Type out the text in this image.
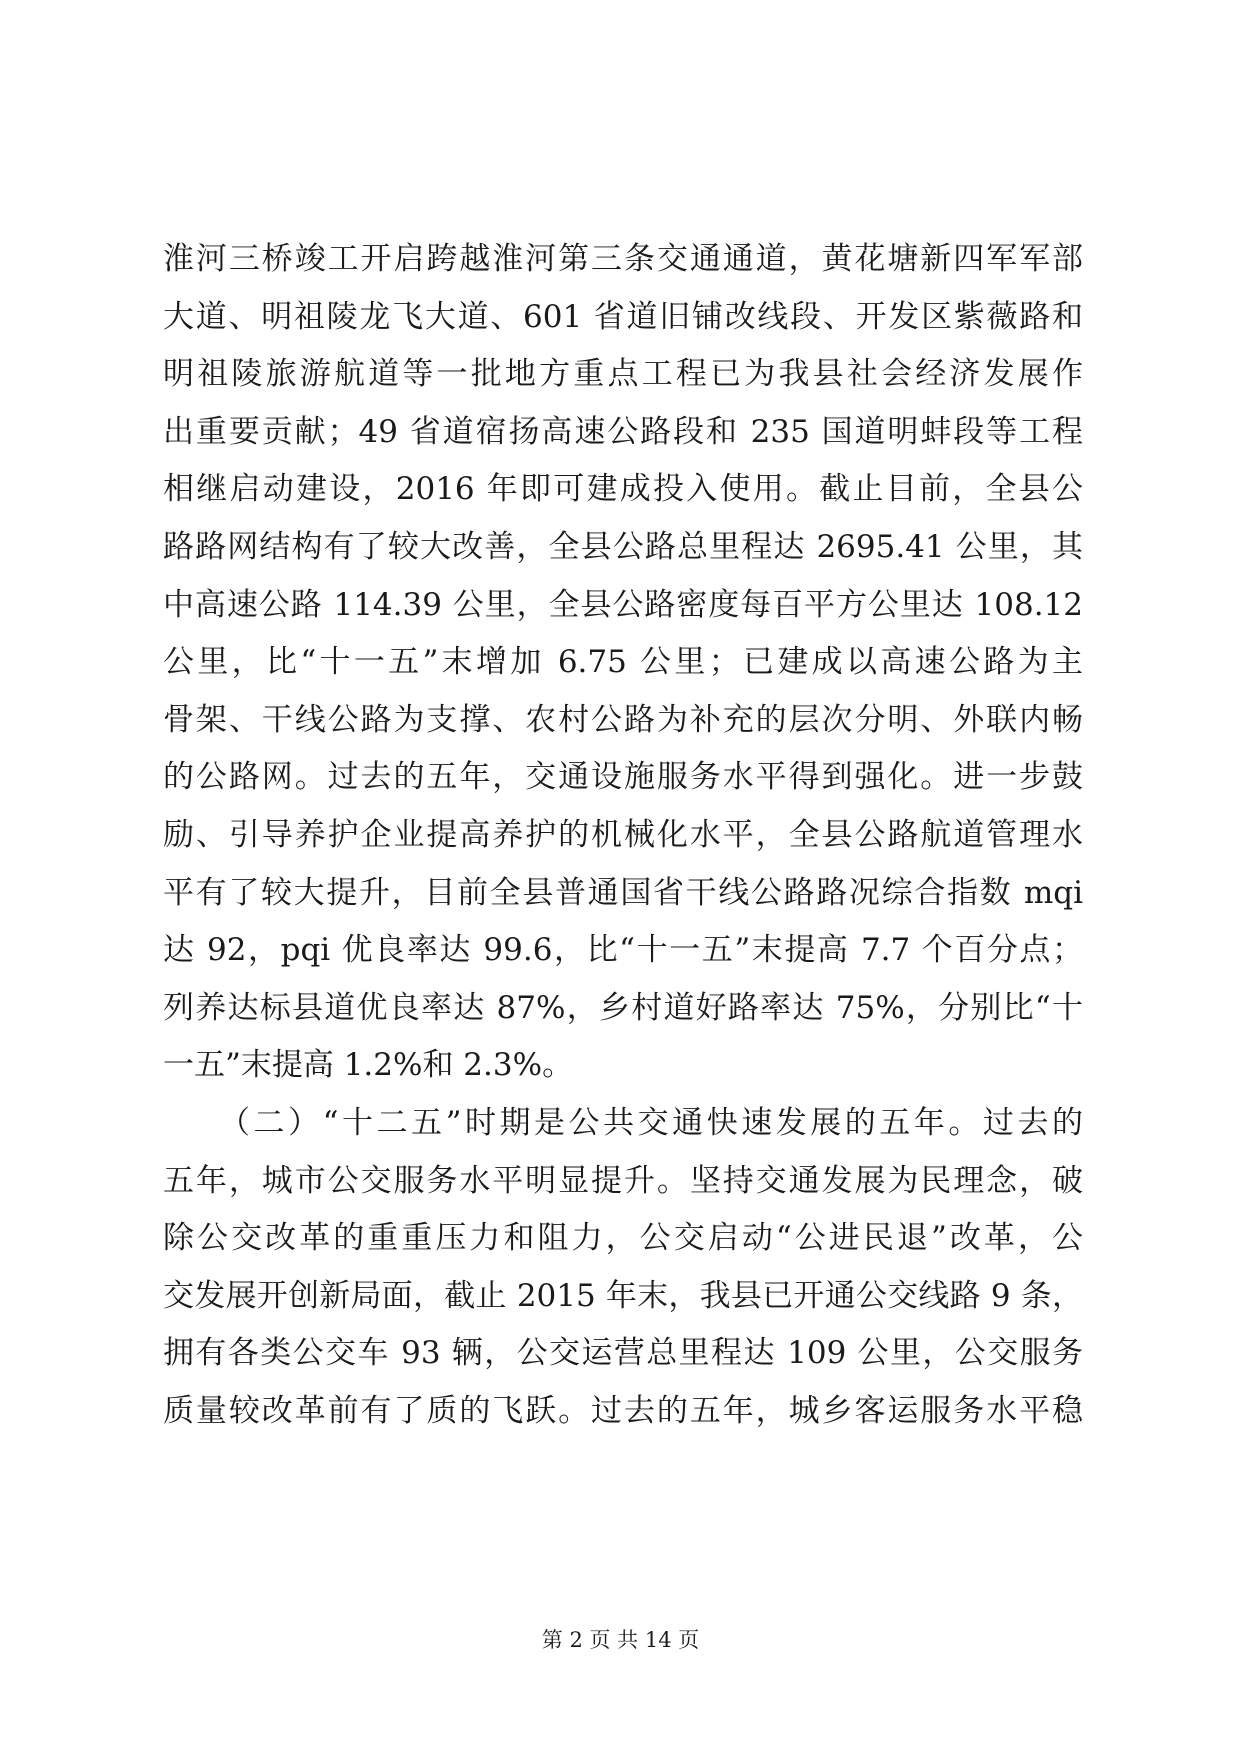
淮河三桥竣工开启跨越淮河第三条交通通道，黄花塘新四军军部
大道、明祖陵龙飞大道、601 省道旧铺改线段、开发区紫薇路和
明祖陵旅游航道等一批地方重点工程已为我县社会经济发展作
出重要贡献；49 省道宿扬高速公路段和 235 国道明蚌段等工程
相继启动建设，2016 年即可建成投入使用。截止目前，全县公
路路网结构有了较大改善，全县公路总里程达 2695.41 公里，其
中高速公路 114.39 公里，全县公路密度每百平方公里达 108.12
公里，比“十一五”末增加 6.75 公里；已建成以高速公路为主
骨架、干线公路为支撑、农村公路为补充的层次分明、外联内畅
的公路网。过去的五年，交通设施服务水平得到强化。进一步鼓
励、引导养护企业提高养护的机械化水平，全县公路航道管理水
平有了较大提升，目前全县普通国省干线公路路况综合指数 mqi
达 92，pqi 优良率达 99.6，比“十一五”末提高 7.7 个百分点；
列养达标县道优良率达 87%，乡村道好路率达 75%，分别比“十
一五”末提高 1.2%和 2.3%。
（二）“十二五”时期是公共交通快速发展的五年。过去的
五年，城市公交服务水平明显提升。坚持交通发展为民理念，破
除公交改革的重重压力和阻力，公交启动“公进民退”改革，公
交发展开创新局面，截止 2015 年末，我县已开通公交线路 9 条，
拥有各类公交车 93 辆，公交运营总里程达 109 公里，公交服务
质量较改革前有了质的飞跃。过去的五年，城乡客运服务水平稳
第 2 页 共 14 页
